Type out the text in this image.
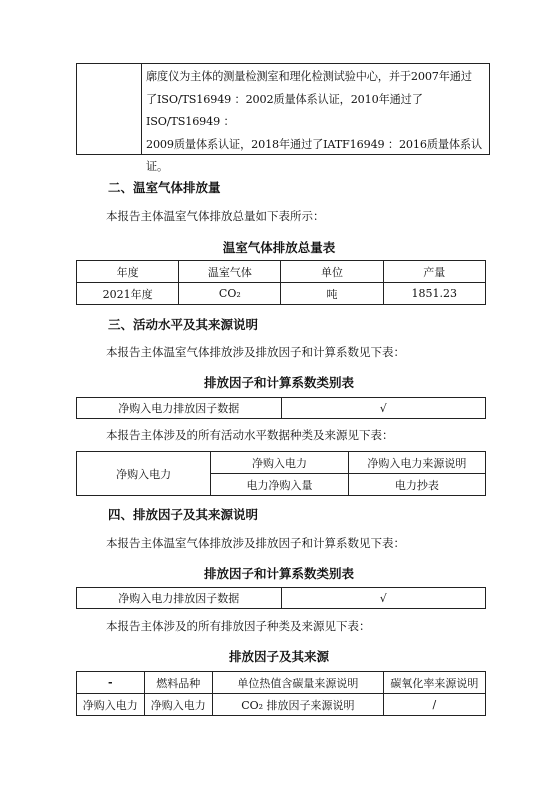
廓度仪为主体的测量检测室和理化检测试验中心，并于2007年通过
了ISO/TS16949 ：2002质量体系认证，2010年通过了ISO/TS16949 ：
2009质量体系认证，2018年通过了IATF16949 ：2016质量体系认证。
二、温室气体排放量
本报告主体温室气体排放总量如下表所示：
温室气体排放总量表
年度	温室气体	单位	产量
2021年度	CO₂	吨	1851.23
三、活动水平及其来源说明
本报告主体温室气体排放涉及排放因子和计算系数见下表：
排放因子和计算系数类别表
净购入电力排放因子数据	√
本报告主体涉及的所有活动水平数据种类及来源见下表：
净购入电力	净购入电力	净购入电力来源说明
	电力净购入量	电力抄表
四、排放因子及其来源说明
本报告主体温室气体排放涉及排放因子和计算系数见下表：
排放因子和计算系数类别表
净购入电力排放因子数据	√
本报告主体涉及的所有排放因子种类及来源见下表：
排放因子及其来源
-	燃料品种	单位热值含碳量来源说明	碳氧化率来源说明
净购入电力	净购入电力	CO₂ 排放因子来源说明	/
